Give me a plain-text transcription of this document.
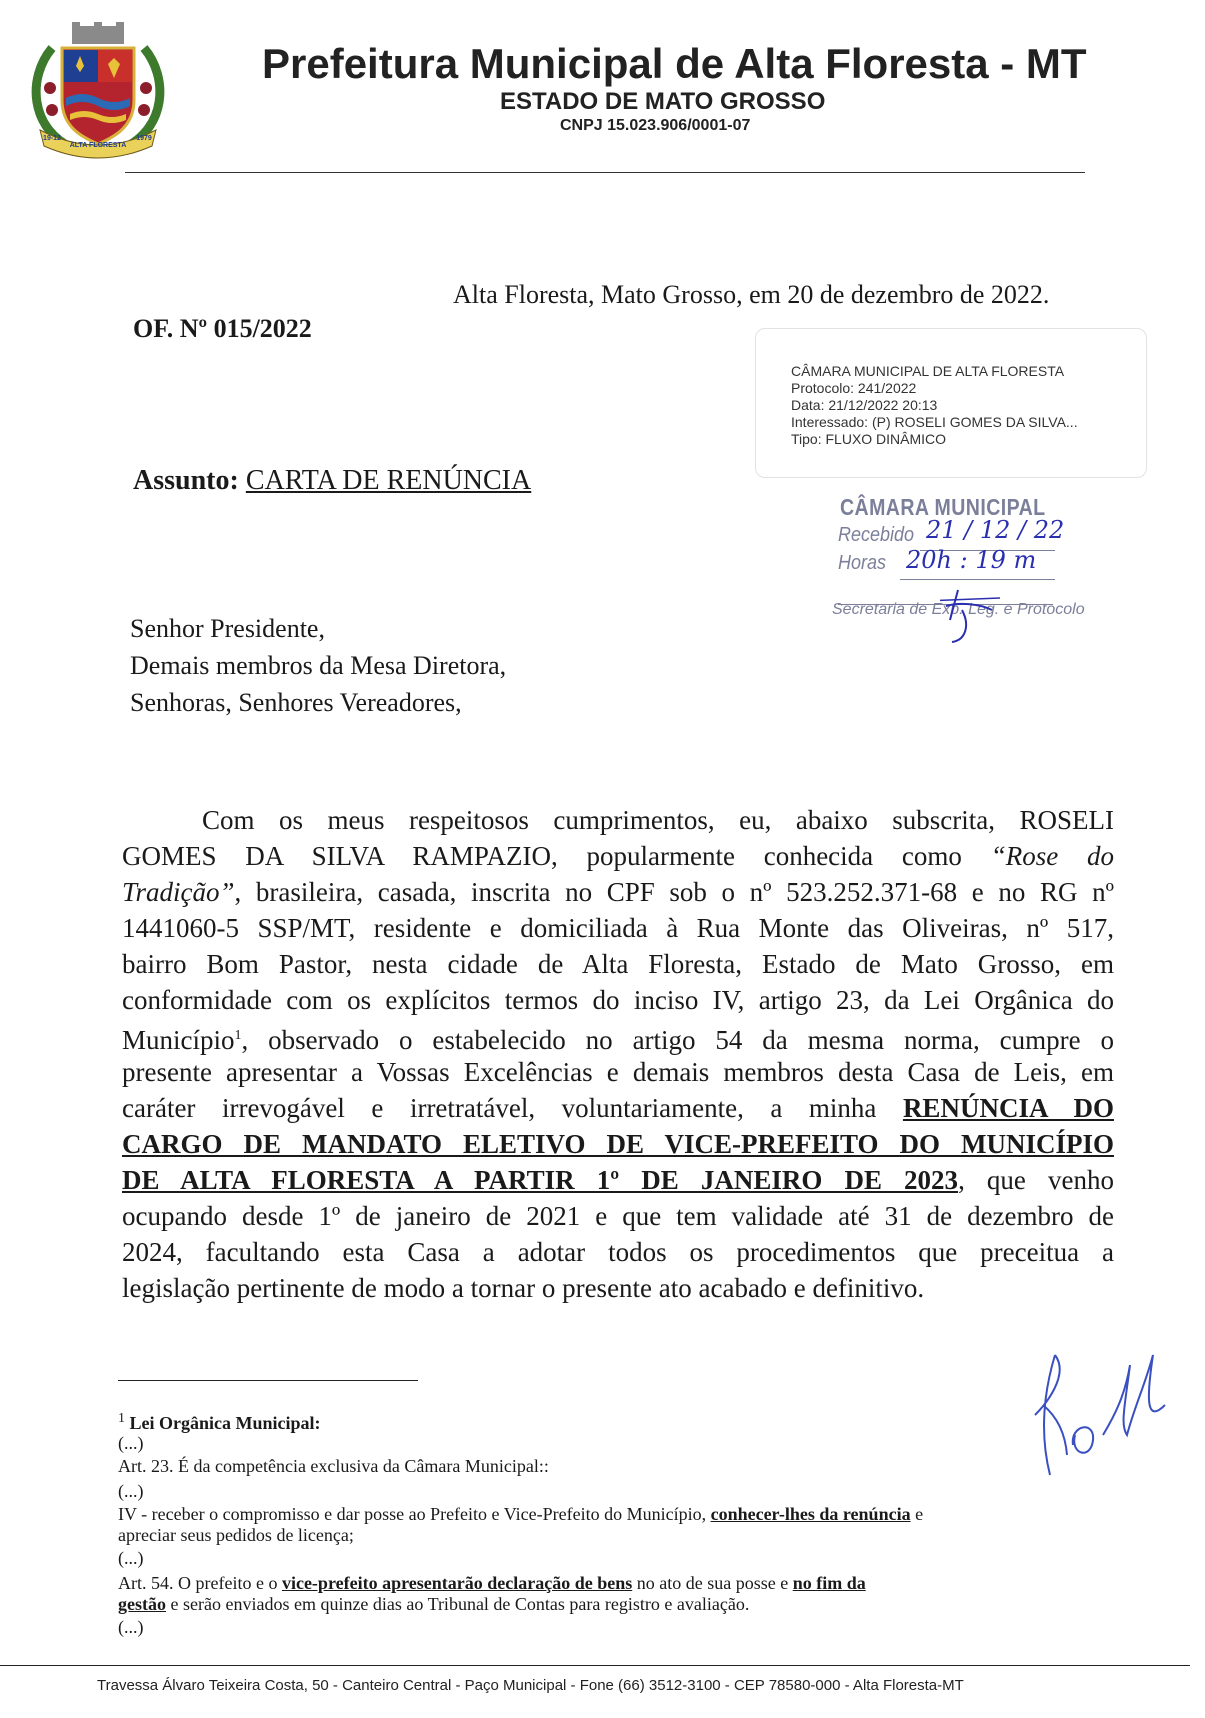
ALTA FLORESTA
19-12	1979
Prefeitura Municipal de Alta Floresta - MT
ESTADO DE MATO GROSSO
CNPJ 15.023.906/0001-07
Alta Floresta, Mato Grosso, em 20 de dezembro de 2022.
OF. Nº 015/2022
CÂMARA MUNICIPAL DE ALTA FLORESTA
Protocolo: 241/2022
Data: 21/12/2022 20:13
Interessado: (P) ROSELI GOMES DA SILVA...
Tipo: FLUXO DINÂMICO
Assunto: CARTA DE RENÚNCIA
CÂMARA MUNICIPAL
Recebido 21 / 12 / 22
Horas 20h : 19 m
Secretaria de Exp. Leg. e Protocolo
Senhor Presidente,
Demais membros da Mesa Diretora,
Senhoras, Senhores Vereadores,
Com os meus respeitosos cumprimentos, eu, abaixo subscrita, ROSELI
GOMES DA SILVA RAMPAZIO, popularmente conhecida como “Rose do
Tradição”, brasileira, casada, inscrita no CPF sob o nº 523.252.371-68 e no RG nº
1441060-5 SSP/MT, residente e domiciliada à Rua Monte das Oliveiras, nº 517,
bairro Bom Pastor, nesta cidade de Alta Floresta, Estado de Mato Grosso, em
conformidade com os explícitos termos do inciso IV, artigo 23, da Lei Orgânica do
Município$^1$, observado o estabelecido no artigo 54 da mesma norma, cumpre o
presente apresentar a Vossas Excelências e demais membros desta Casa de Leis, em
caráter irrevogável e irretratável, voluntariamente, a minha RENÚNCIA DO
CARGO DE MANDATO ELETIVO DE VICE-PREFEITO DO MUNICÍPIO
DE ALTA FLORESTA A PARTIR 1º DE JANEIRO DE 2023, que venho
ocupando desde 1º de janeiro de 2021 e que tem validade até 31 de dezembro de
2024, facultando esta Casa a adotar todos os procedimentos que preceitua a
legislação pertinente de modo a tornar o presente ato acabado e definitivo.
$^1$ Lei Orgânica Municipal:
(...)
Art. 23. É da competência exclusiva da Câmara Municipal::
(...)
IV - receber o compromisso e dar posse ao Prefeito e Vice-Prefeito do Município, conhecer-lhes da renúncia e
apreciar seus pedidos de licença;
(...)
Art. 54. O prefeito e o vice-prefeito apresentarão declaração de bens no ato de sua posse e no fim da
gestão e serão enviados em quinze dias ao Tribunal de Contas para registro e avaliação.
(...)
Travessa Álvaro Teixeira Costa, 50 - Canteiro Central - Paço Municipal - Fone (66) 3512-3100 - CEP 78580-000 - Alta Floresta-MT
